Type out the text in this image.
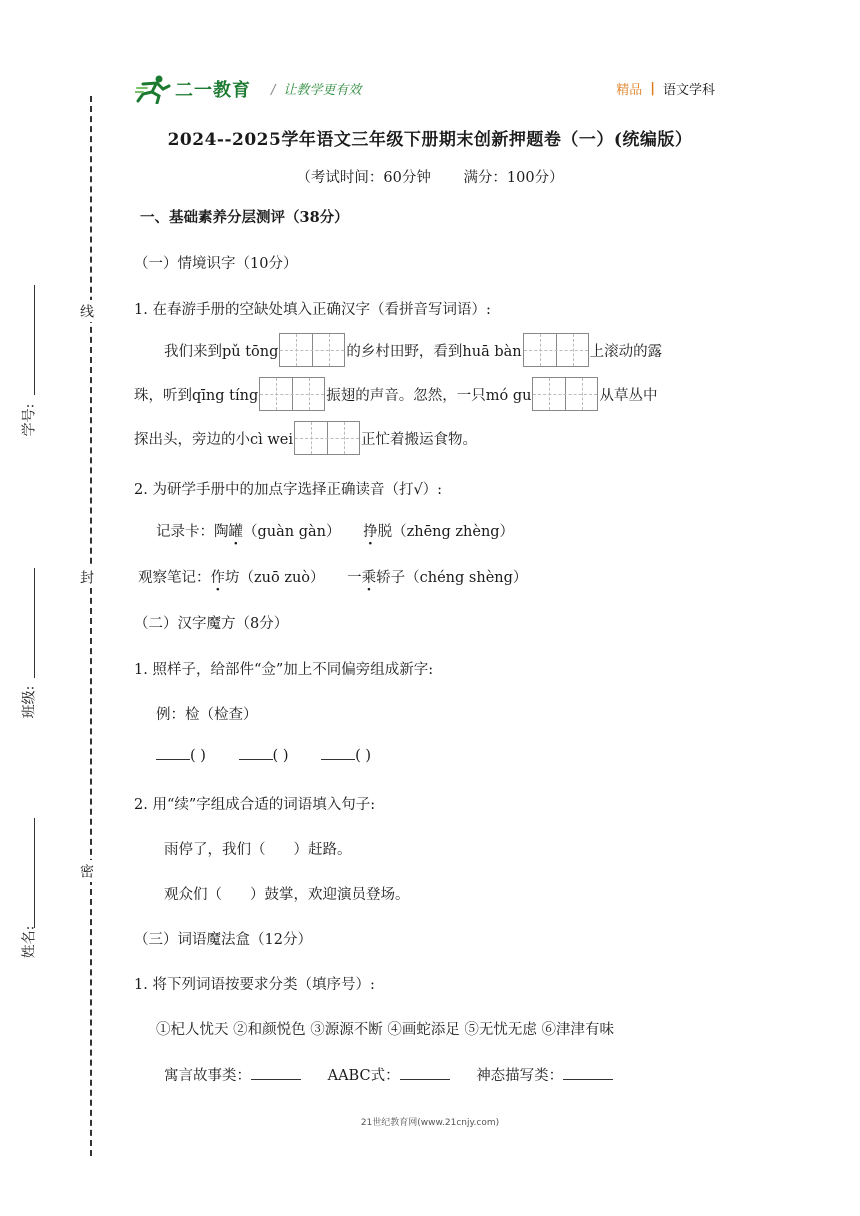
二一教育 / 让教学更有效	精品 | 语文学科
线
封
密
学号:
班级:
姓名:
2024--2025学年语文三年级下册期末创新押题卷（一）(统编版）
（考试时间：60分钟 满分：100分）
一、基础素养分层测评（38分）
（一）情境识字（10分）
1. 在春游手册的空缺处填入正确汉字（看拼音写词语）:
我们来到pǔ tōng	的乡村田野，看到huā bàn	上滚动的露
珠，听到qīng tíng	振翅的声音。忽然，一只mó gu	从草丛中
探出头，旁边的小cì wei	正忙着搬运食物。
2. 为研学手册中的加点字选择正确读音（打√）:
记录卡：陶罐（guàn gàn） 挣脱（zhēng zhèng）
观察笔记：作坊（zuō zuò） 一乘轿子（chéng shèng）
（二）汉字魔方（8分）
1. 照样子，给部件“佥”加上不同偏旁组成新字:
例：检（检查）
( )	( )	( )
2. 用“续”字组成合适的词语填入句子:
雨停了，我们（ ）赶路。
观众们（ ）鼓掌，欢迎演员登场。
（三）词语魔法盒（12分）
1. 将下列词语按要求分类（填序号）:
①杞人忧天 ②和颜悦色 ③源源不断 ④画蛇添足 ⑤无忧无虑 ⑥津津有味
寓言故事类：	AABC式：	神态描写类：
21世纪教育网(www.21cnjy.com)
